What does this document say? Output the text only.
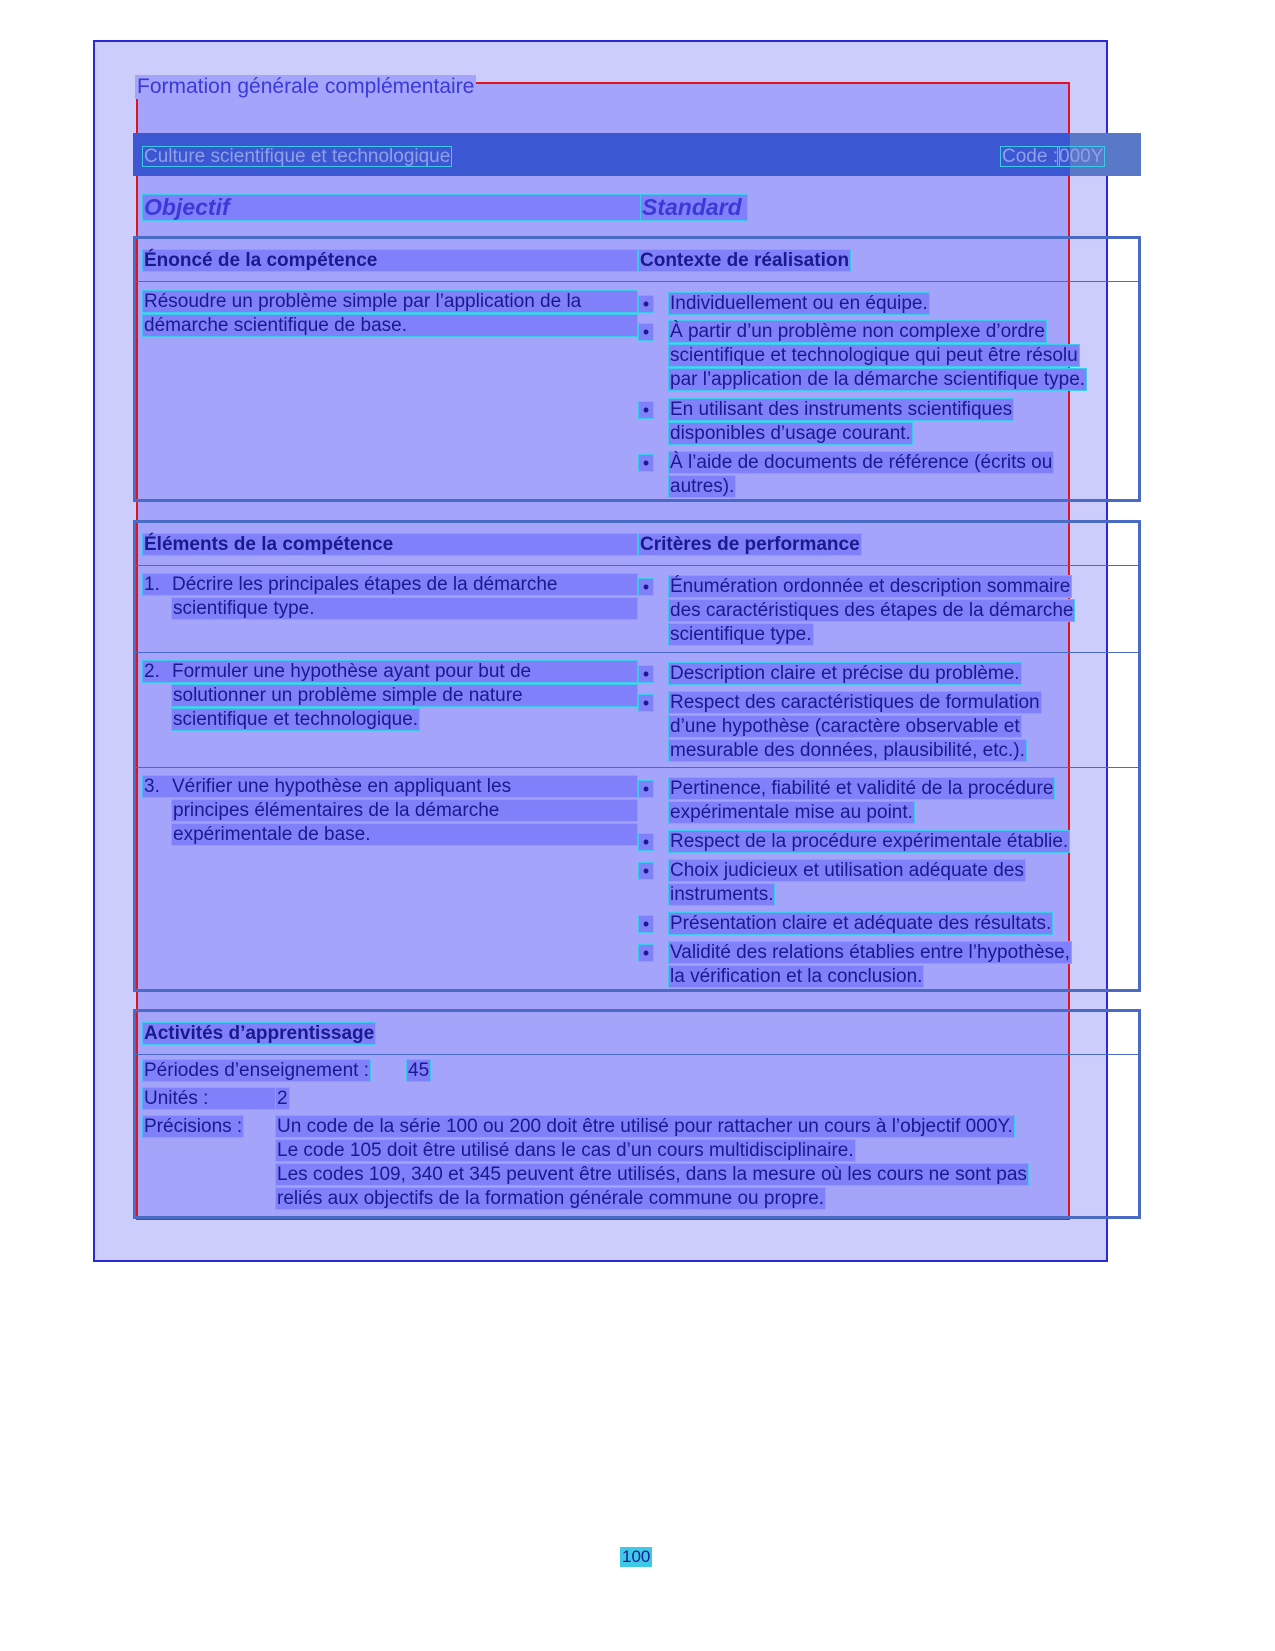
Formation générale complémentaire
Culture scientifique et technologique	Code : 000Y
Objectif	Standard
Énoncé de la compétence	Contexte de réalisation
Résoudre un problème simple par l’application de la
démarche scientifique de base.
• Individuellement ou en équipe.
• À partir d’un problème non complexe d’ordre
scientifique et technologique qui peut être résolu
par l’application de la démarche scientifique type.
• En utilisant des instruments scientifiques
disponibles d’usage courant.
• À l’aide de documents de référence (écrits ou
autres).
Éléments de la compétence	Critères de performance
1. Décrire les principales étapes de la démarche
scientifique type.
• Énumération ordonnée et description sommaire
des caractéristiques des étapes de la démarche
scientifique type.
2. Formuler une hypothèse ayant pour but de
solutionner un problème simple de nature
scientifique et technologique.
• Description claire et précise du problème.
• Respect des caractéristiques de formulation
d’une hypothèse (caractère observable et
mesurable des données, plausibilité, etc.).
3. Vérifier une hypothèse en appliquant les
principes élémentaires de la démarche
expérimentale de base.
• Pertinence, fiabilité et validité de la procédure
expérimentale mise au point.
• Respect de la procédure expérimentale établie.
• Choix judicieux et utilisation adéquate des
instruments.
• Présentation claire et adéquate des résultats.
• Validité des relations établies entre l’hypothèse,
la vérification et la conclusion.
Activités d’apprentissage
Périodes d’enseignement : 45
Unités :	2
Précisions : Un code de la série 100 ou 200 doit être utilisé pour rattacher un cours à l’objectif 000Y.
Le code 105 doit être utilisé dans le cas d’un cours multidisciplinaire.
Les codes 109, 340 et 345 peuvent être utilisés, dans la mesure où les cours ne sont pas
reliés aux objectifs de la formation générale commune ou propre.
100
